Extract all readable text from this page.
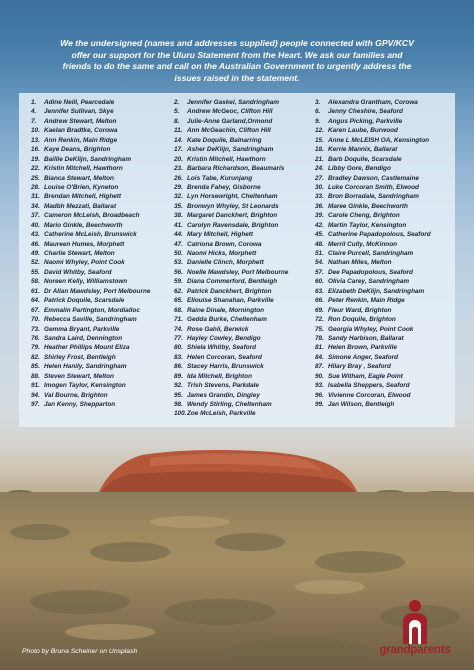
We the undersigned (names and addresses supplied) people connected with GPV/KCV
offer our support for the Uluru Statement from the Heart. We ask our families and
friends to do the same and call on the Australian Government to urgently address the
issues raised in the statement.
1. Adine Neill, Pearcedale
4. Jennifer Sullivan, Skye
7. Andrew Stewart, Melton
10. Kaelan Bradtke, Corowa
13. Ann Renkin, Main Ridge
16. Kaye Deans, Brighton
19. Baillie DeKlijn, Sandringham
22. Kristin Mitchell, Hawthorn
25. Bianca Stewart, Melton
28. Louise O'Brien, Kyneton
31. Brendan Mitchell, Highett
34. Madbh Mezzati, Ballarat
37. Cameron McLeish, Broadbeach
40. Mario Ginkle, Beechworth
43. Catherine McLeish, Brunswick
46. Maureen Humes, Morphett
49. Charlie Stewart, Melton
52. Naomi Whyley, Point Cook
55. David Whitby, Seaford
58. Noreen Kelly, Williamstown
61. Dr Allan Mawdsley, Port Melbourne
64. Patrick Doquile, Scarsdale
67. Emmalin Partington, Mordialloc
70. Rebecca Saville, Sandringham
73. Gemma Bryant, Parkville
76. Sandra Laird, Dennington
79. Heather Phillips Mount Eliza
82. Shirley Frost, Bentleigh
85. Helen Hanily, Sandringham
88. Steven Stewart, Melton
91. Imogen Taylor, Kensington
94. Val Bourne, Brighton
97. Jan Kenny, Shepparton
2. Jennifer Gaskel, Sandringham
5. Andrew McGeoc, Clifton Hill
8. Julie-Anne Garland,Ormond
11. Ann McGeachin, Clifton Hill
14. Kate Doquile, Balnarring
17. Asher DeKlijn, Sandringham
20. Kristin Mitchell, Hawthorn
23. Barbara Richardson, Beaumaris
26. Lois Tabe, Kurunjang
29. Brenda Fahey, Gisborne
32. Lyn Horsewright, Cheltenham
35. Bronwyn Whyley, St Leonards
38. Margaret Danckhert, Brighton
41. Carolyn Ravensdale, Brighton
44. Mary Mitchell, Highett
47. Catriona Brown, Corowa
50. Naomi Hicks, Morphett
53. Danielle Clinch, Morphett
56. Noelle Mawdsley, Port Melbourne
59. Diana Commerford, Bentleigh
62. Patrick Danckhert, Brighton
65. Ellouise Shanahan, Parkville
68. Raine Dinale, Mornington
71. Gedda Burke, Cheltenham
74. Rose Gahli, Berwick
77. Hayley Cowley, Bendigo
80. Shiela Whitby, Seaford
83. Helen Corcoran, Seaford
86. Stacey Harris, Brunswick
89. Ida Mitchell, Brighton
92. Trish Stevens, Parkdale
95. James Grandin, Dingley
98. Wendy Stirling, Cheltenham
100.Zoe McLeish, Parkville
3. Alexandra Grantham, Corowa
6. Jenny Cheshire, Seaford
9. Angus Picking, Parkville
12. Karen Laube, Burwood
15. Anne L McLEISH OA, Kensington
18. Kerrie Mannix, Ballarat
21. Barb Doquile, Scarsdale
24. Libby Gore, Bendigo
27. Bradley Dawson, Castlemaine
30. Luke Corcoran Smith, Elwood
33. Bron Borradale, Sandringham
36. Maree Ginkle, Beechworth
39. Carole Cheng, Brighton
42. Martin Taylor, Kensington
45. Catherine Papadopolous, Seaford
48. Merril Cully, McKinnon
51. Claire Purcell, Sandringham
54. Nathan Miles, Melton
57. Dee Papadopolous, Seaford
60. Olivia Carey, Sandringham
63. Elizabeth DeKlijn, Sandringham
66. Peter Renkin, Main Ridge
69. Fleur Ward, Brighton
72. Ron Doquile, Brighton
75. Georgia Whyley, Point Cook
78. Sandy Harbison, Ballarat
81. Helen Brown, Parkville
84. Simone Anger, Seaford
87. Hilary Bray , Seaford
90. Sue Witham, Eagle Point
93. Isabella Sheppers, Seaford
96. Vivienne Corcoran, Elwood
99. Jan Wilson, Bentleigh
Photo by Bruna Scheiner on Unsplash	grandparents
